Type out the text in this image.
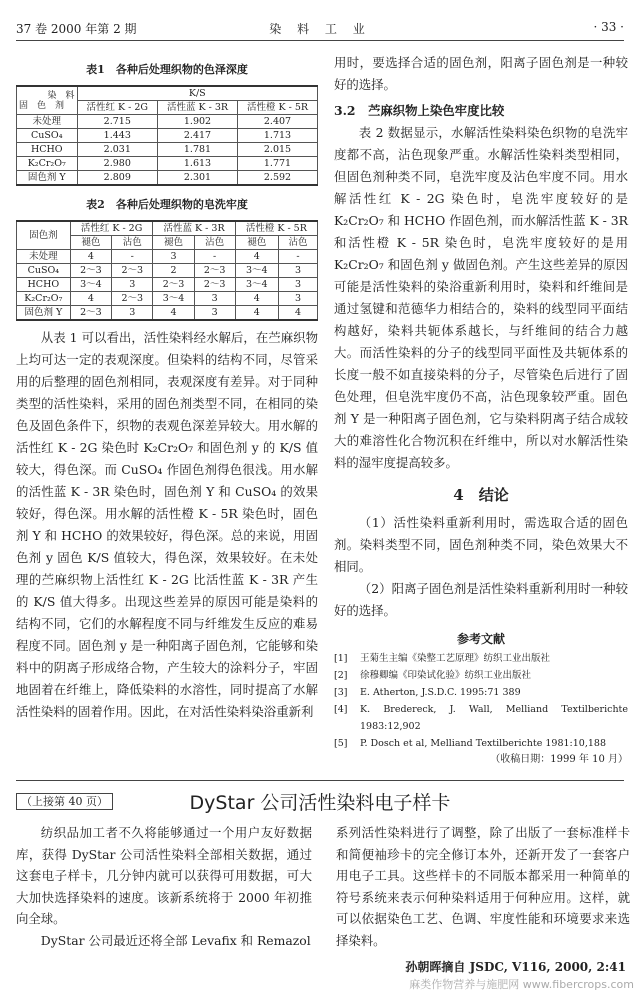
37 卷 2000 年第 2 期	染 料 工 业	· 33 ·
表1　各种后处理织物的色泽深度
染　料
固　色　剂	K/S		
	活性红 K - 2G	活性蓝 K - 3R	活性橙 K - 5R
未处理	2.715	1.902	2.407
CuSO₄	1.443	2.417	1.713
HCHO	2.031	1.781	2.015
K₂Cr₂O₇	2.980	1.613	1.771
固色剂 Y	2.809	2.301	2.592
表2　各种后处理织物的皂洗牢度
固色剂	活性红 K - 2G		活性蓝 K - 3R		活性橙 K - 5R	
	褪色	沾色	褪色	沾色	褪色	沾色
未处理	4	-	3	-	4	-
CuSO₄	2～3	2～3	2	2～3	3～4	3
HCHO	3～4	3	2～3	2～3	3～4	3
K₂Cr₂O₇	4	2～3	3～4	3	4	3
固色剂 Y	2～3	3	4	3	4	4

从表 1 可以看出，活性染料经水解后，在苎麻织物上均可达一定的表观深度。但染料的结构不同，尽管采用的后整理的固色剂相同，表观深度有差异。对于同种类型的活性染料，采用的固色剂类型不同，在相同的染色及固色条件下，织物的表观色深差异较大。用水解的活性红 K - 2G 染色时 K₂Cr₂O₇ 和固色剂 y 的 K/S 值较大，得色深。而 CuSO₄ 作固色剂得色很浅。用水解的活性蓝 K - 3R 染色时，固色剂 Y 和 CuSO₄ 的效果较好，得色深。用水解的活性橙 K - 5R 染色时，固色剂 Y 和 HCHO 的效果较好，得色深。总的来说，用固色剂 y 固色 K/S 值较大，得色深，效果较好。在未处理的苎麻织物上活性红 K - 2G 比活性蓝 K - 3R 产生的 K/S 值大得多。出现这些差异的原因可能是染料的结构不同，它们的水解程度不同与纤维发生反应的难易程度不同。固色剂 y 是一种阳离子固色剂，它能够和染料中的阴离子形成络合物，产生较大的涂料分子，牢固地固着在纤维上，降低染料的水溶性，同时提高了水解活性染料的固着作用。因此，在对活性染料染浴重新利

用时，要选择合适的固色剂，阳离子固色剂是一种较好的选择。

3.2　苎麻织物上染色牢度比较

表 2 数据显示，水解活性染料染色织物的皂洗牢度都不高，沾色现象严重。水解活性染料类型相同，但固色剂种类不同，皂洗牢度及沾色牢度不同。用水解活性红 K - 2G 染色时，皂洗牢度较好的是 K₂Cr₂O₇ 和 HCHO 作固色剂，而水解活性蓝 K - 3R 和活性橙 K - 5R 染色时，皂洗牢度较好的是用 K₂Cr₂O₇ 和固色剂 y 做固色剂。产生这些差异的原因可能是活性染料的染浴重新利用时，染料和纤维间是通过氢键和范德华力相结合的，染料的线型同平面结构越好，染料共轭体系越长，与纤维间的结合力越大。而活性染料的分子的线型同平面性及共轭体系的长度一般不如直接染料的分子，尽管染色后进行了固色处理，但皂洗牢度仍不高，沾色现象较严重。固色剂 Y 是一种阳离子固色剂，它与染料阴离子结合成较大的难溶性化合物沉积在纤维中，所以对水解活性染料的湿牢度提高较多。

4　结论

（1）活性染料重新利用时，需选取合适的固色剂。染料类型不同，固色剂种类不同，染色效果大不相同。

（2）阳离子固色剂是活性染料重新利用时一种较好的选择。

参考文献
[1]	王菊生主编《染整工艺原理》纺织工业出版社
[2]	徐穆卿编《印染试化验》纺织工业出版社
[3]	E. Atherton, J.S.D.C. 1995:71 389
[4]	K. Bredereck, J. Wall, Melliand Textilberichte 1983:12,902
[5]	P. Dosch et al, Melliand Textilberichte 1981:10,188
（收稿日期：1999 年 10 月）
（上接第 40 页）	DyStar 公司活性染料电子样卡

纺织品加工者不久将能够通过一个用户友好数据库，获得 DyStar 公司活性染料全部相关数据，通过这套电子样卡，几分钟内就可以获得可用数据，可大大加快选择染料的速度。该新系统将于 2000 年初推向全球。

DyStar 公司最近还将全部 Levafix 和 Remazol

系列活性染料进行了调整，除了出版了一套标准样卡和简便袖珍卡的完全修订本外，还新开发了一套客户用电子工具。这些样卡的不同版本都采用一种简单的符号系统来表示何种染料适用于何种应用。这样，就可以依据染色工艺、色调、牢度性能和环境要求来选择染料。

孙朝晖摘自 JSDC, V116, 2000, 2:41
麻类作物营养与施肥网 www.fibercrops.com
